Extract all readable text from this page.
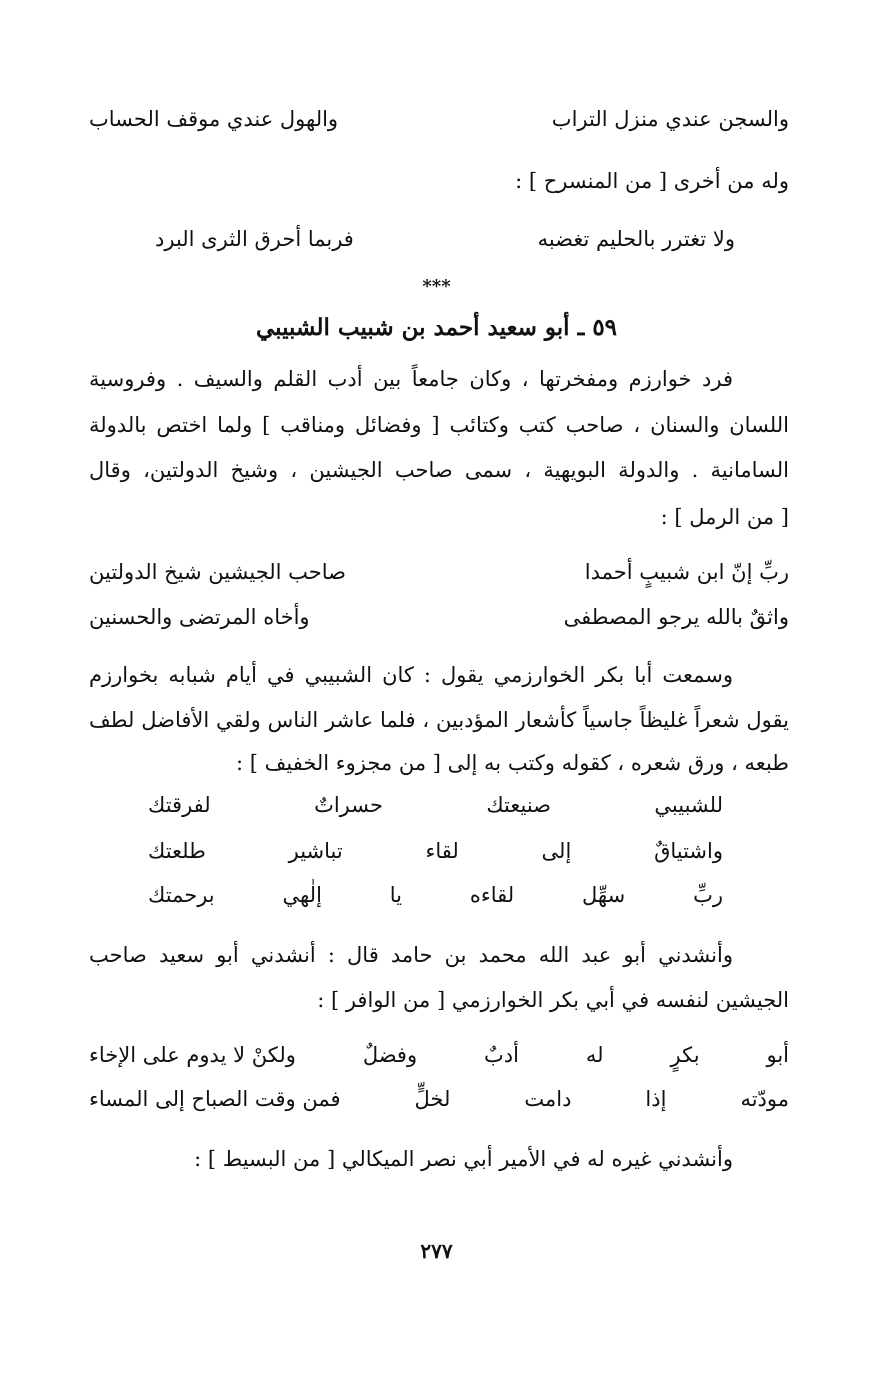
والسجن عندي منزل التراب
والهول عندي موقف الحساب
وله من أخرى [ من المنسرح ] :
ولا تغترر بالحليم تغضبه
فربما أحرق الثرى البرد
***
٥٩ ـ أبو سعيد أحمد بن شبيب الشبيبي
فرد خوارزم ومفخرتها ، وكان جامعاً بين أدب القلم والسيف . وفروسية
اللسان والسنان ، صاحب كتب وكتائب [ وفضائل ومناقب ] ولما اختص بالدولة
السامانية . والدولة البويهية ، سمى صاحب الجيشين ، وشيخ الدولتين، وقال
[ من الرمل ] :
ربِّ إنّ ابن شبيبٍ أحمدا
صاحب الجيشين شيخ الدولتين
واثقٌ بالله يرجو المصطفى
وأخاه المرتضى والحسنين
وسمعت أبا بكر الخوارزمي يقول : كان الشبيبي في أيام شبابه بخوارزم
يقول شعراً غليظاً جاسياً كأشعار المؤدبين ، فلما عاشر الناس ولقي الأفاضل لطف
طبعه ، ورق شعره ، كقوله وكتب به إلى [ من مجزوء الخفيف ] :
للشبيبي
صنيعتك
حسراتٌ
لفرقتك
واشتياقٌ
إلى
لقاء
تباشير
طلعتك
ربِّ
سهِّل
لقاءه
يا
إلٰهي
برحمتك
وأنشدني أبو عبد الله محمد بن حامد قال : أنشدني أبو سعيد صاحب
الجيشين لنفسه في أبي بكر الخوارزمي [ من الوافر ] :
أبو
بكرٍ
له
أدبٌ
وفضلٌ
ولكنْ لا يدوم على الإخاء
مودّته
إذا
دامت
لخلٍّ
فمن وقت الصباح إلى المساء
وأنشدني غيره له في الأمير أبي نصر الميكالي [ من البسيط ] :
٢٧٧
